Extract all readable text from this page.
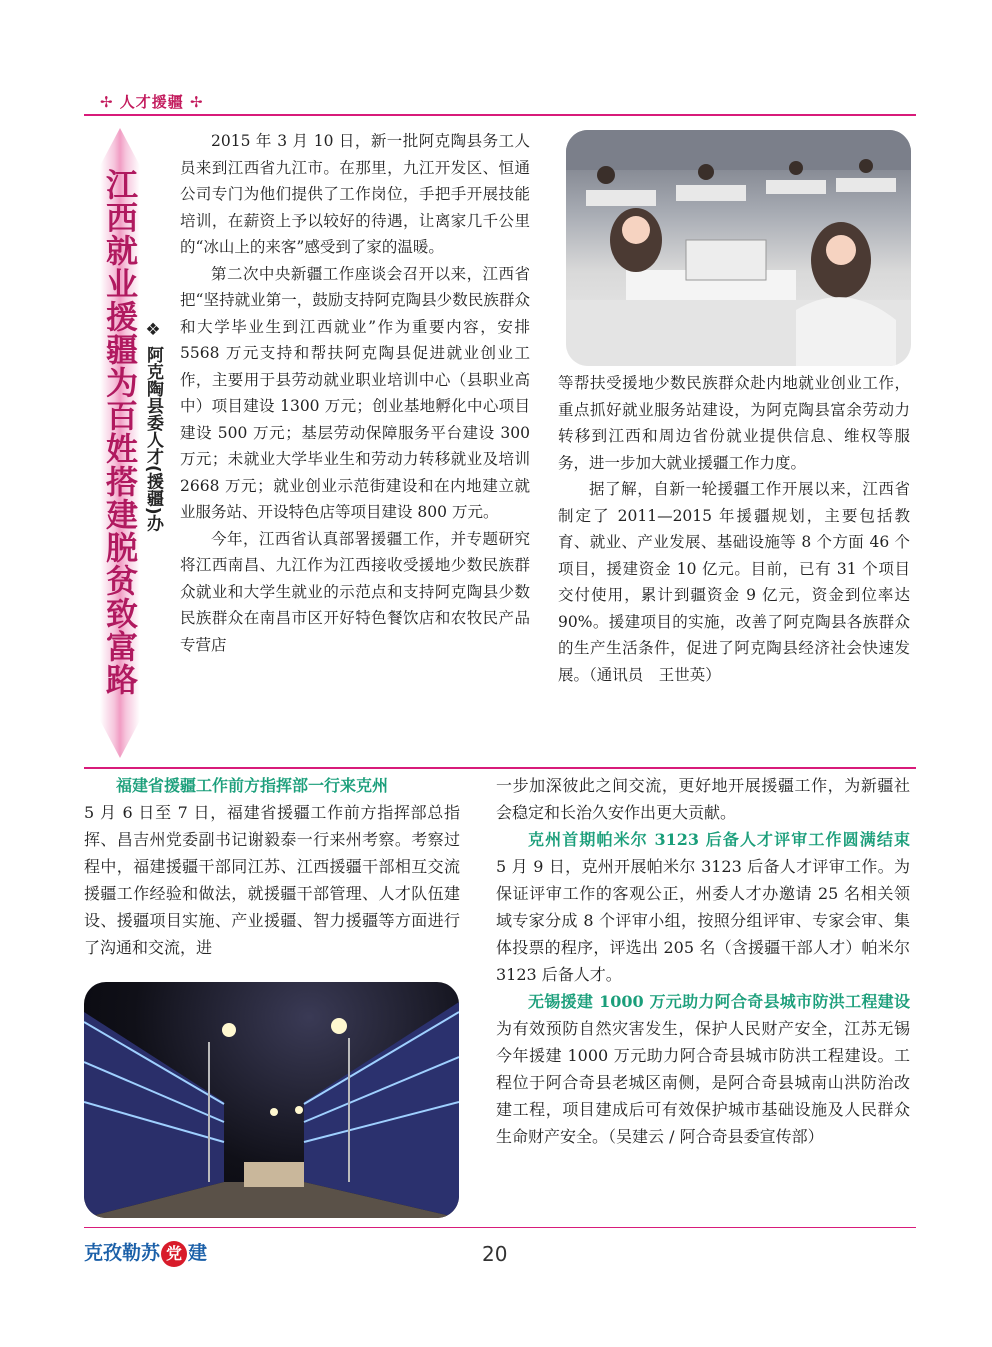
✢ 人才援疆 ✢
江西就业援疆为百姓搭建脱贫致富路 ❖ 阿克陶县委人才(援疆)办

2015 年 3 月 10 日，新一批阿克陶县务工人员来到江西省九江市。在那里，九江开发区、恒通公司专门为他们提供了工作岗位，手把手开展技能培训，在薪资上予以较好的待遇，让离家几千公里的“冰山上的来客”感受到了家的温暖。

第二次中央新疆工作座谈会召开以来，江西省把“坚持就业第一，鼓励支持阿克陶县少数民族群众和大学毕业生到江西就业”作为重要内容，安排 5568 万元支持和帮扶阿克陶县促进就业创业工作，主要用于县劳动就业职业培训中心（县职业高中）项目建设 1300 万元；创业基地孵化中心项目建设 500 万元；基层劳动保障服务平台建设 300 万元；未就业大学毕业生和劳动力转移就业及培训 2668 万元；就业创业示范街建设和在内地建立就业服务站、开设特色店等项目建设 800 万元。

今年，江西省认真部署援疆工作，并专题研究将江西南昌、九江作为江西接收受援地少数民族群众就业和大学生就业的示范点和支持阿克陶县少数民族群众在南昌市区开好特色餐饮店和农牧民产品专营店

等帮扶受援地少数民族群众赴内地就业创业工作，重点抓好就业服务站建设，为阿克陶县富余劳动力转移到江西和周边省份就业提供信息、维权等服务，进一步加大就业援疆工作力度。

据了解，自新一轮援疆工作开展以来，江西省制定了 2011—2015 年援疆规划，主要包括教育、就业、产业发展、基础设施等 8 个方面 46 个项目，援建资金 10 亿元。目前，已有 31 个项目交付使用，累计到疆资金 9 亿元，资金到位率达 90%。援建项目的实施，改善了阿克陶县各族群众的生产生活条件，促进了阿克陶县经济社会快速发展。（通讯员　王世英）

福建省援疆工作前方指挥部一行来克州

5 月 6 日至 7 日，福建省援疆工作前方指挥部总指挥、昌吉州党委副书记谢毅泰一行来州考察。考察过程中，福建援疆干部同江苏、江西援疆干部相互交流援疆工作经验和做法，就援疆干部管理、人才队伍建设、援疆项目实施、产业援疆、智力援疆等方面进行了沟通和交流，进

一步加深彼此之间交流，更好地开展援疆工作，为新疆社会稳定和长治久安作出更大贡献。

克州首期帕米尔 3123 后备人才评审工作圆满结束　5 月 9 日，克州开展帕米尔 3123 后备人才评审工作。为保证评审工作的客观公正，州委人才办邀请 25 名相关领域专家分成 8 个评审小组，按照分组评审、专家会审、集体投票的程序，评选出 205 名（含援疆干部人才）帕米尔 3123 后备人才。

无锡援建 1000 万元助力阿合奇县城市防洪工程建设　为有效预防自然灾害发生，保护人民财产安全，江苏无锡今年援建 1000 万元助力阿合奇县城市防洪工程建设。工程位于阿合奇县老城区南侧，是阿合奇县城南山洪防治改建工程，项目建成后可有效保护城市基础设施及人民群众生命财产安全。（吴建云 / 阿合奇县委宣传部）

克孜勒苏 党 建	20
